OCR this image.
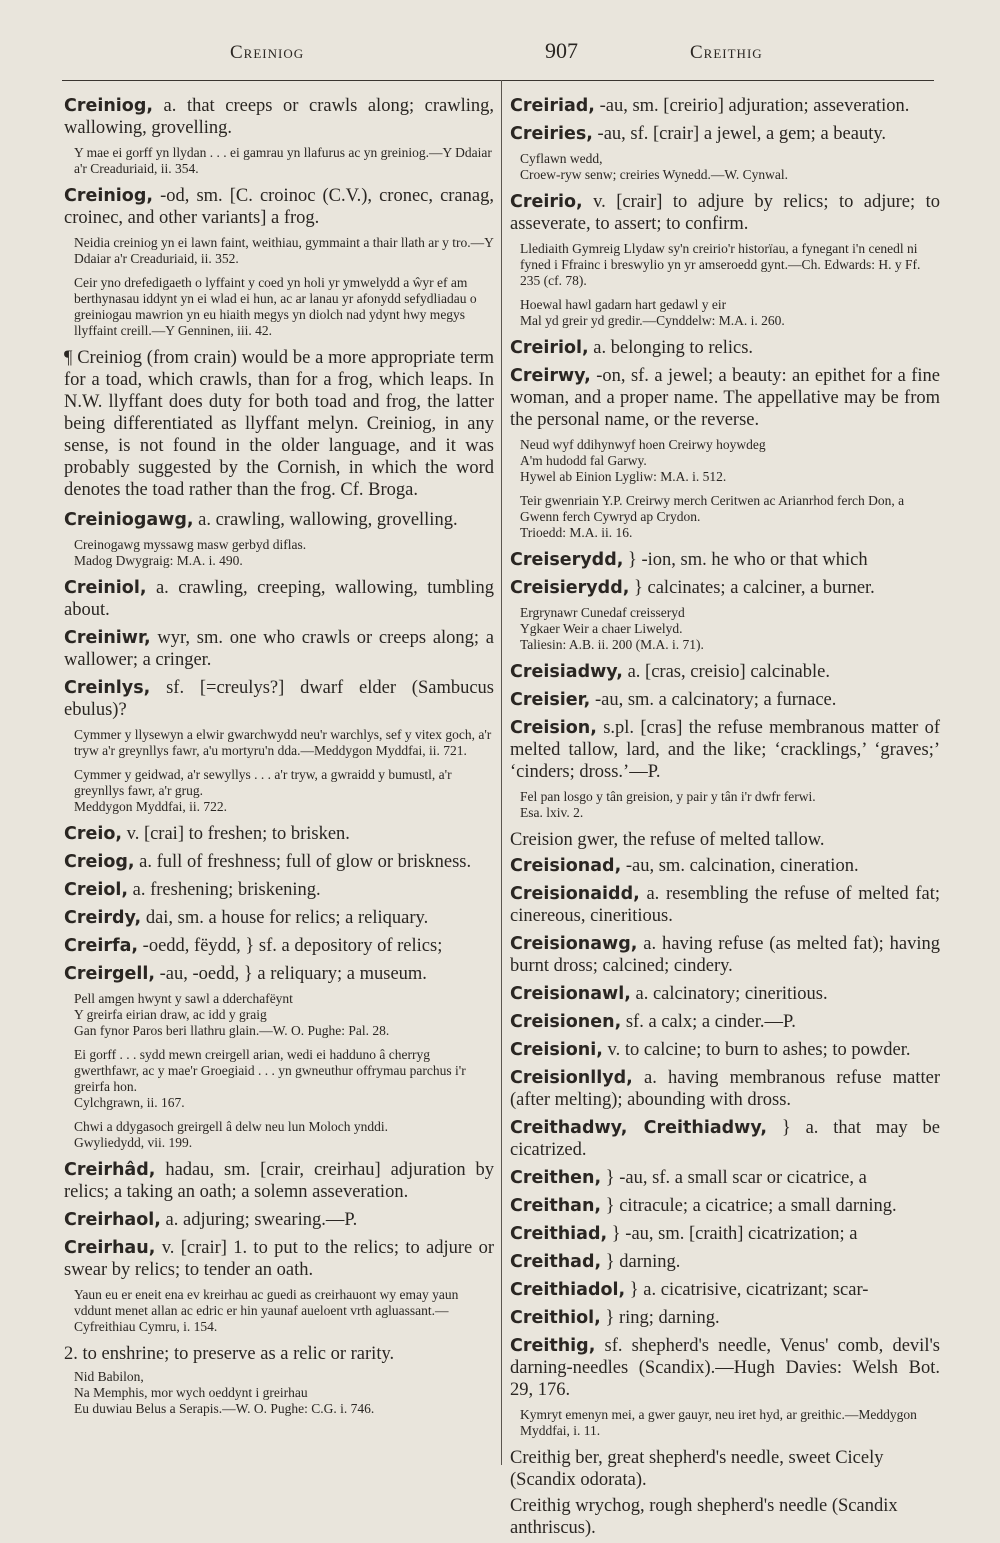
Creiniog	907	Creithig
Creiniog, a. that creeps or crawls along; crawling, wallowing, grovelling.
Y mae ei gorff yn llydan . . . ei gamrau yn llafurus ac yn greiniog.—Y Ddaiar a'r Creaduriaid, ii. 354.
Creiniog, -od, sm. [C. croinoc (C.V.), cronec, cranag, croinec, and other variants] a frog.
Neidia creiniog yn ei lawn faint, weithiau, gymmaint a thair llath ar y tro.—Y Ddaiar a'r Creaduriaid, ii. 352.
Ceir yno drefedigaeth o lyffaint y coed yn holi yr ymwelydd a ŵyr ef am berthynasau iddynt yn ei wlad ei hun, ac ar lanau yr afonydd sefydliadau o greiniogau mawrion yn eu hiaith megys yn diolch nad ydynt hwy megys llyffaint creill.—Y Genninen, iii. 42.
¶ Creiniog (from crain) would be a more appropriate term for a toad, which crawls, than for a frog, which leaps. In N.W. llyffant does duty for both toad and frog, the latter being differentiated as llyffant melyn. Creiniog, in any sense, is not found in the older language, and it was probably suggested by the Cornish, in which the word denotes the toad rather than the frog. Cf. Broga.
Creiniogawg, a. crawling, wallowing, grovelling.
Creinogawg myssawg masw gerbyd diflas.
Madog Dwygraig: M.A. i. 490.
Creiniol, a. crawling, creeping, wallowing, tumbling about.
Creiniwr, wyr, sm. one who crawls or creeps along; a wallower; a cringer.
Creinlys, sf. [=creulys?] dwarf elder (Sambucus ebulus)?
Cymmer y llysewyn a elwir gwarchwydd neu'r warchlys, sef y vitex goch, a'r tryw a'r greynllys fawr, a'u mortyru'n dda.—Meddygon Myddfai, ii. 721.
Cymmer y geidwad, a'r sewyllys . . . a'r tryw, a gwraidd y bumustl, a'r greynllys fawr, a'r grug.
Meddygon Myddfai, ii. 722.
Creio, v. [crai] to freshen; to brisken.
Creiog, a. full of freshness; full of glow or briskness.
Creiol, a. freshening; briskening.
Creirdy, dai, sm. a house for relics; a reliquary.
Creirfa, -oedd, fëydd, } sf. a depository of relics;
Creirgell, -au, -oedd, } a reliquary; a museum.
Pell amgen hwynt y sawl a dderchafëynt
Y greirfa eirian draw, ac idd y graig
Gan fynor Paros beri llathru glain.—W. O. Pughe: Pal. 28.
Ei gorff . . . sydd mewn creirgell arian, wedi ei hadduno â cherryg gwerthfawr, ac y mae'r Groegiaid . . . yn gwneuthur offrymau parchus i'r greirfa hon.
Cylchgrawn, ii. 167.
Chwi a ddygasoch greirgell â delw neu lun Moloch ynddi.
Gwyliedydd, vii. 199.
Creirhâd, hadau, sm. [crair, creirhau] adjuration by relics; a taking an oath; a solemn asseveration.
Creirhaol, a. adjuring; swearing.—P.
Creirhau, v. [crair] 1. to put to the relics; to adjure or swear by relics; to tender an oath.
Yaun eu er eneit ena ev kreirhau ac guedi as creirhauont wy emay yaun vddunt menet allan ac edric er hin yaunaf aueloent vrth agluassant.—Cyfreithiau Cymru, i. 154.
2. to enshrine; to preserve as a relic or rarity.
Nid Babilon,
Na Memphis, mor wych oeddynt i greirhau
Eu duwiau Belus a Serapis.—W. O. Pughe: C.G. i. 746.
Creiriad, -au, sm. [creirio] adjuration; asseveration.
Creiries, -au, sf. [crair] a jewel, a gem; a beauty.
Cyflawn wedd,
Croew-ryw senw; creiries Wynedd.—W. Cynwal.
Creirio, v. [crair] to adjure by relics; to adjure; to asseverate, to assert; to confirm.
Llediaith Gymreig Llydaw sy'n creirio'r historïau, a fynegant i'n cenedl ni fyned i Ffrainc i breswylio yn yr amseroedd gynt.—Ch. Edwards: H. y Ff. 235 (cf. 78).
Hoewal hawl gadarn hart gedawl y eir
Mal yd greir yd gredir.—Cynddelw: M.A. i. 260.
Creiriol, a. belonging to relics.
Creirwy, -on, sf. a jewel; a beauty: an epithet for a fine woman, and a proper name. The appellative may be from the personal name, or the reverse.
Neud wyf ddihynwyf hoen Creirwy hoywdeg
A'm hudodd fal Garwy.
Hywel ab Einion Lygliw: M.A. i. 512.
Teir gwenriain Y.P. Creirwy merch Ceritwen ac Arianrhod ferch Don, a Gwenn ferch Cywryd ap Crydon.
Trioedd: M.A. ii. 16.
Creiserydd, } -ion, sm. he who or that which
Creisierydd, } calcinates; a calciner, a burner.
Ergrynawr Cunedaf creisseryd
Ygkaer Weir a chaer Liwelyd.
Taliesin: A.B. ii. 200 (M.A. i. 71).
Creisiadwy, a. [cras, creisio] calcinable.
Creisier, -au, sm. a calcinatory; a furnace.
Creision, s.pl. [cras] the refuse membranous matter of melted tallow, lard, and the like; ‘cracklings,’ ‘graves;’ ‘cinders; dross.’—P.
Fel pan losgo y tân greision, y pair y tân i'r dwfr ferwi.
Esa. lxiv. 2.
Creision gwer, the refuse of melted tallow.
Creisionad, -au, sm. calcination, cineration.
Creisionaidd, a. resembling the refuse of melted fat; cinereous, cineritious.
Creisionawg, a. having refuse (as melted fat); having burnt dross; calcined; cindery.
Creisionawl, a. calcinatory; cineritious.
Creisionen, sf. a calx; a cinder.—P.
Creisioni, v. to calcine; to burn to ashes; to powder.
Creisionllyd, a. having membranous refuse matter (after melting); abounding with dross.
Creithadwy, Creithiadwy, } a. that may be cicatrized.
Creithen, } -au, sf. a small scar or cicatrice, a
Creithan, } citracule; a cicatrice; a small darning.
Creithiad, } -au, sm. [craith] cicatrization; a
Creithad, } darning.
Creithiadol, } a. cicatrisive, cicatrizant; scar-
Creithiol, } ring; darning.
Creithig, sf. shepherd's needle, Venus' comb, devil's darning-needles (Scandix).—Hugh Davies: Welsh Bot. 29, 176.
Kymryt emenyn mei, a gwer gauyr, neu iret hyd, ar greithic.—Meddygon Myddfai, i. 11.
Creithig ber, great shepherd's needle, sweet Cicely (Scandix odorata).
Creithig wrychog, rough shepherd's needle (Scandix anthriscus).
